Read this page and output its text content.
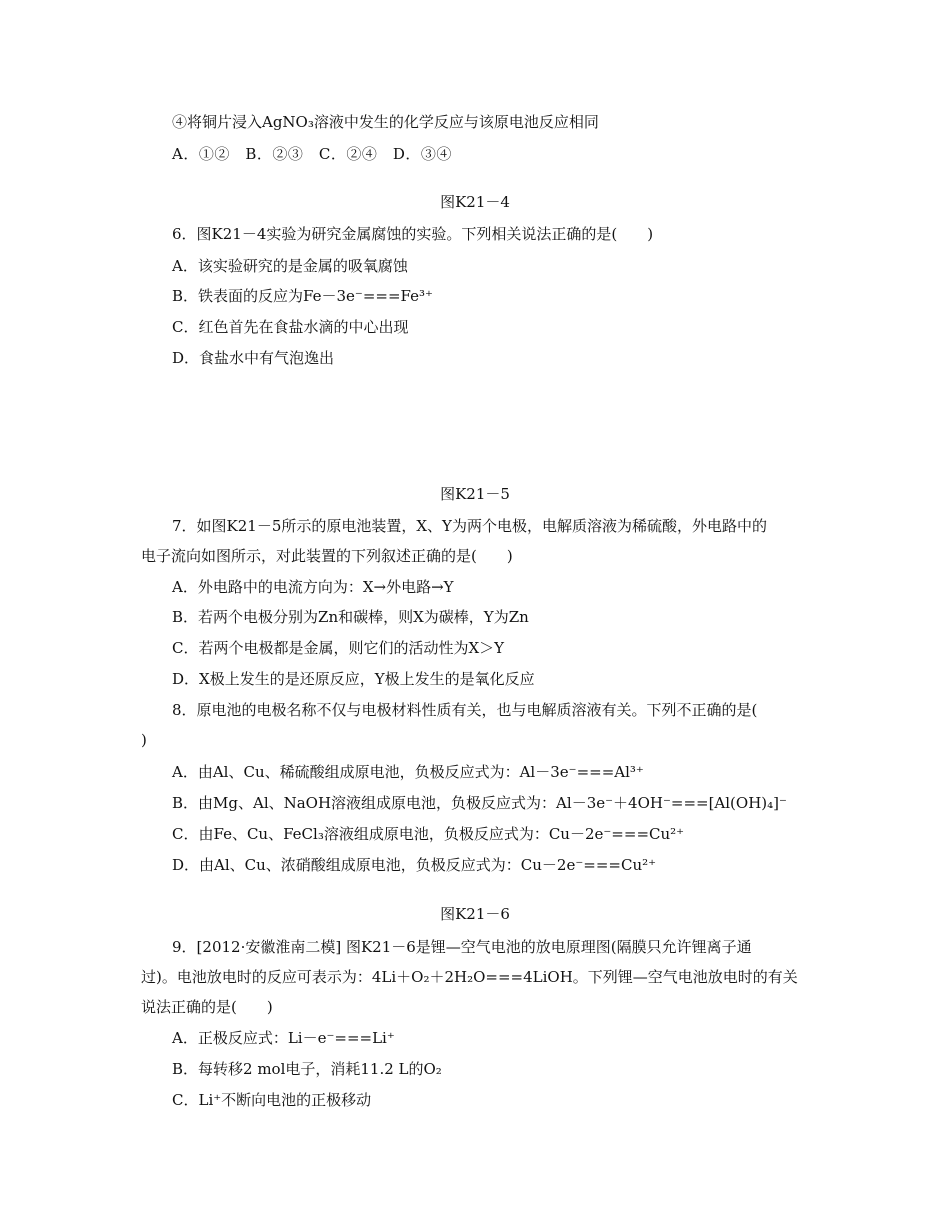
④将铜片浸入AgNO₃溶液中发生的化学反应与该原电池反应相同
A．①②　B．②③　C．②④　D．③④
图K21－4
6．图K21－4实验为研究金属腐蚀的实验。下列相关说法正确的是(　　)
A．该实验研究的是金属的吸氧腐蚀
B．铁表面的反应为Fe－3e⁻===Fe³⁺
C．红色首先在食盐水滴的中心出现
D．食盐水中有气泡逸出
图K21－5
7．如图K21－5所示的原电池装置，X、Y为两个电极，电解质溶液为稀硫酸，外电路中的
电子流向如图所示，对此装置的下列叙述正确的是(　　)
A．外电路中的电流方向为：X→外电路→Y
B．若两个电极分别为Zn和碳棒，则X为碳棒，Y为Zn
C．若两个电极都是金属，则它们的活动性为X＞Y
D．X极上发生的是还原反应，Y极上发生的是氧化反应
8．原电池的电极名称不仅与电极材料性质有关，也与电解质溶液有关。下列不正确的是(
)
A．由Al、Cu、稀硫酸组成原电池，负极反应式为：Al－3e⁻===Al³⁺
B．由Mg、Al、NaOH溶液组成原电池，负极反应式为：Al－3e⁻＋4OH⁻===[Al(OH)₄]⁻
C．由Fe、Cu、FeCl₃溶液组成原电池，负极反应式为：Cu－2e⁻===Cu²⁺
D．由Al、Cu、浓硝酸组成原电池，负极反应式为：Cu－2e⁻===Cu²⁺
图K21－6
9．[2012·安徽淮南二模] 图K21－6是锂—空气电池的放电原理图(隔膜只允许锂离子通
过)。电池放电时的反应可表示为：4Li＋O₂＋2H₂O===4LiOH。下列锂—空气电池放电时的有关
说法正确的是(　　)
A．正极反应式：Li－e⁻===Li⁺
B．每转移2 mol电子，消耗11.2 L的O₂
C．Li⁺不断向电池的正极移动
